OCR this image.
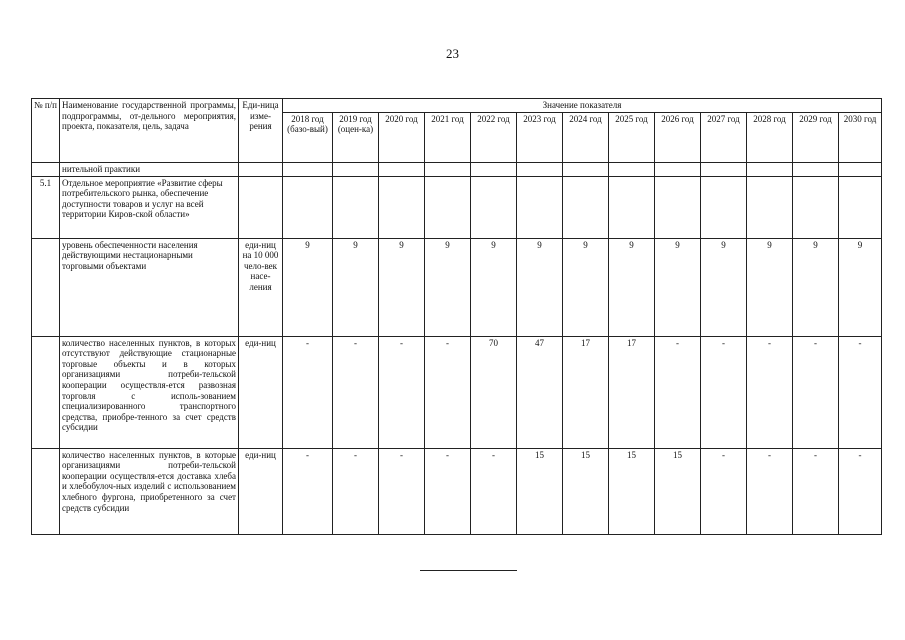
23
№ п/п	Наименование государственной программы, подпрограммы, от-дельного мероприятия, проекта, показателя, цель, задача	Еди-ница изме-рения	Значение показателя												
			2018 год (базо-вый)	2019 год (оцен-ка)	2020 год	2021 год	2022 год	2023 год	2024 год	2025 год	2026 год	2027 год	2028 год	2029 год	2030 год
	нительной практики														
5.1	Отдельное мероприятие «Развитие сферы потребительского рынка, обеспечение доступности товаров и услуг на всей территории Киров-ской области»														
	уровень обеспеченности населения действующими нестационарными торговыми объектами	еди-ниц на 10 000 чело-век насе-ления	9	9	9	9	9	9	9	9	9	9	9	9	9
	количество населенных пунктов, в которых отсутствуют действующие стационарные торговые объекты и в которых организациями потреби-тельской кооперации осуществля-ется развозная торговля с исполь-зованием специализированного транспортного средства, приобре-тенного за счет средств субсидии	еди-ниц	-	-	-	-	70	47	17	17	-	-	-	-	-
	количество населенных пунктов, в которые организациями потреби-тельской кооперации осуществля-ется доставка хлеба и хлебобулоч-ных изделий с использованием хлебного фургона, приобретенного за счет средств субсидии	еди-ниц	-	-	-	-	-	15	15	15	15	-	-	-	-
